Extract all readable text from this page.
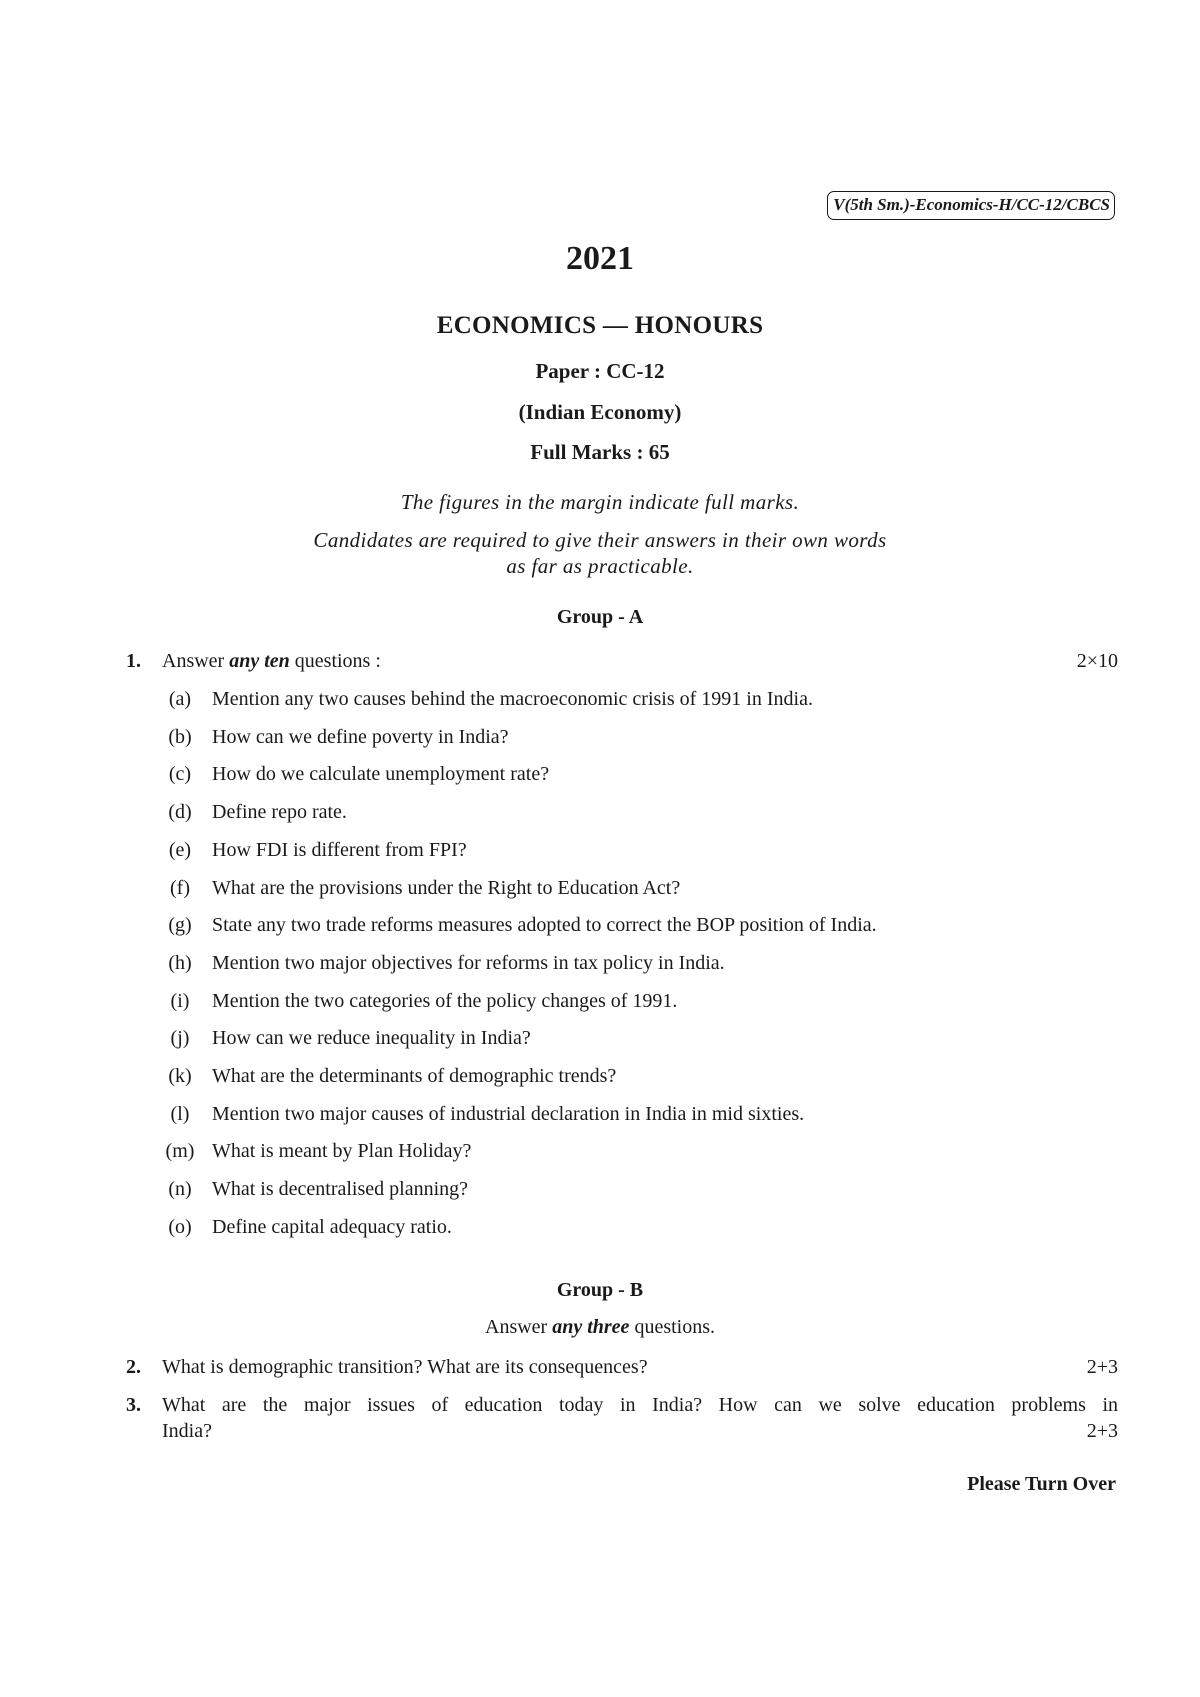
V(5th Sm.)-Economics-H/CC-12/CBCS
2021
ECONOMICS — HONOURS
Paper : CC-12
(Indian Economy)
Full Marks : 65
The figures in the margin indicate full marks.
Candidates are required to give their answers in their own words
as far as practicable.
Group - A
1. Answer any ten questions :	2×10
(a)	Mention any two causes behind the macroeconomic crisis of 1991 in India.
(b)	How can we define poverty in India?
(c)	How do we calculate unemployment rate?
(d)	Define repo rate.
(e)	How FDI is different from FPI?
(f)	What are the provisions under the Right to Education Act?
(g)	State any two trade reforms measures adopted to correct the BOP position of India.
(h)	Mention two major objectives for reforms in tax policy in India.
(i)	Mention the two categories of the policy changes of 1991.
(j)	How can we reduce inequality in India?
(k)	What are the determinants of demographic trends?
(l)	Mention two major causes of industrial declaration in India in mid sixties.
(m) What is meant by Plan Holiday?
(n)	What is decentralised planning?
(o)	Define capital adequacy ratio.
Group - B
Answer any three questions.
2. What is demographic transition? What are its consequences?	2+3
3. What are the major issues of education today in India? How can we solve education problems in
India?	2+3
Please Turn Over
